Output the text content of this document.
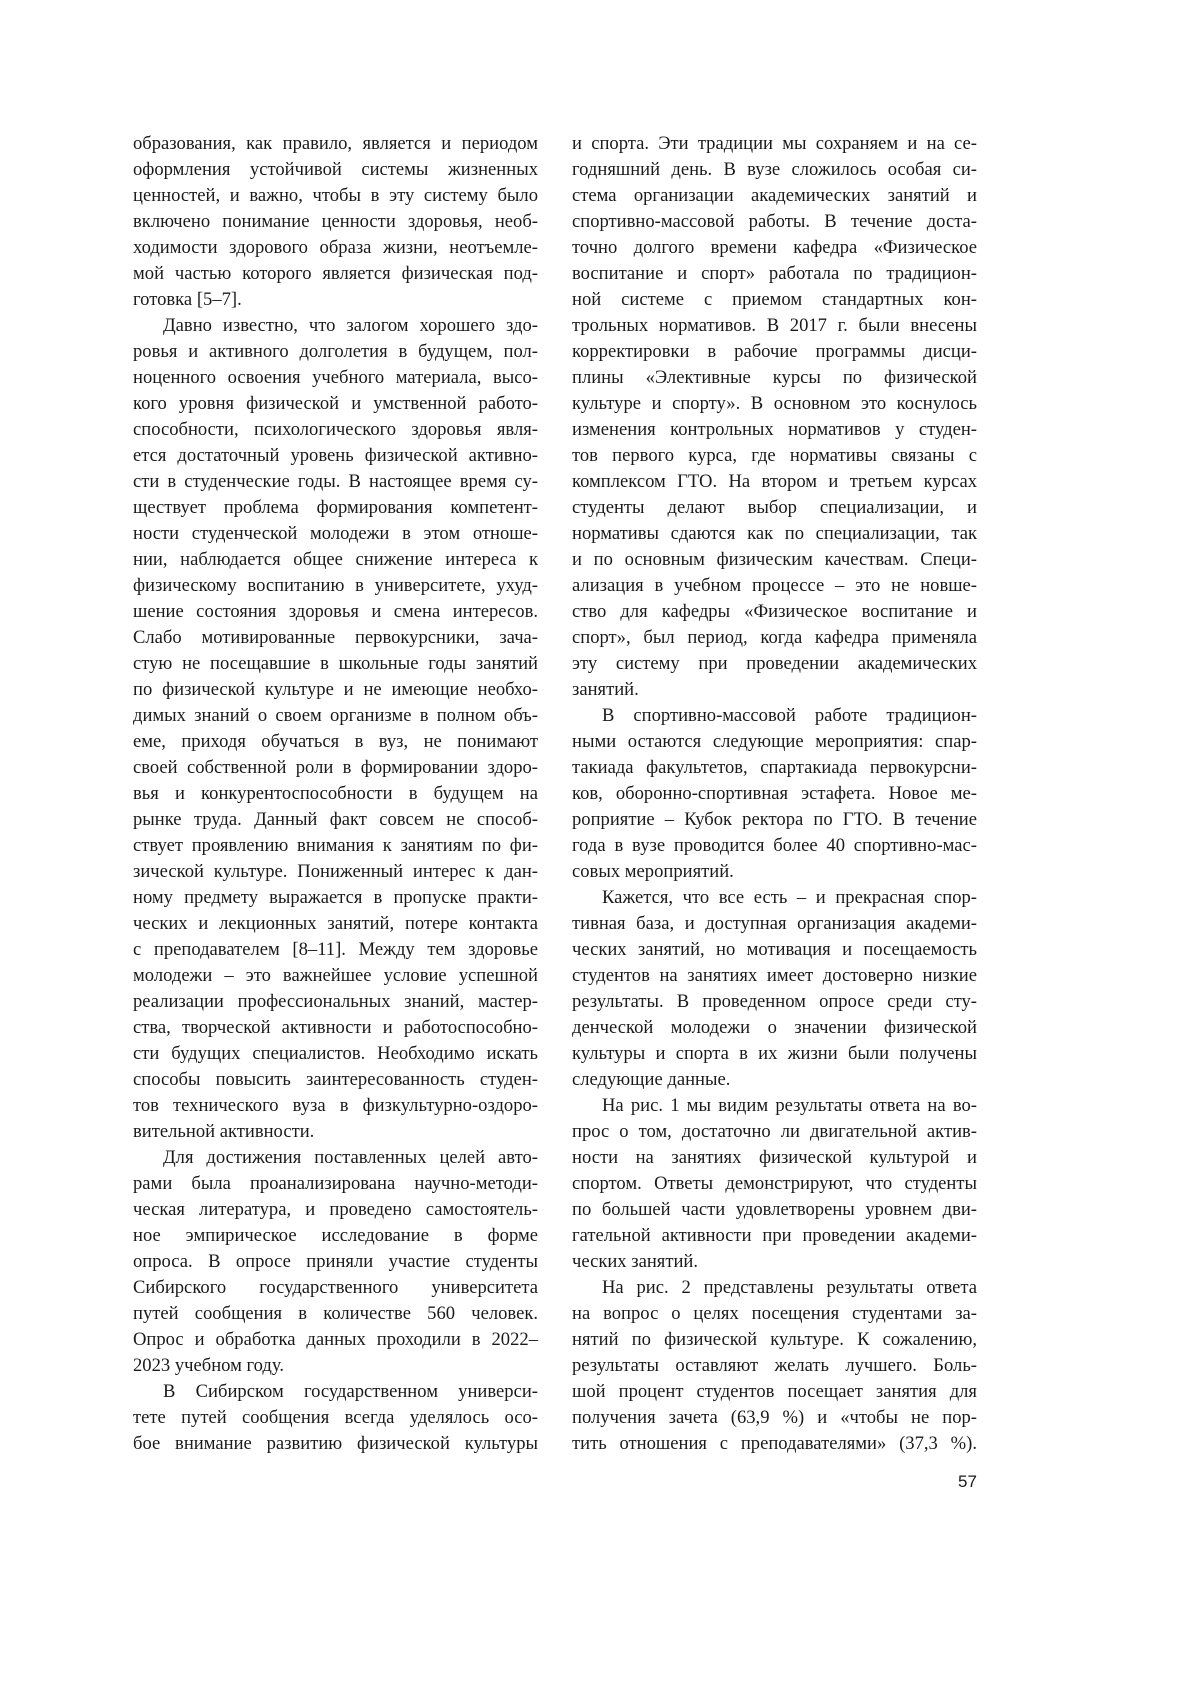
образования, как правило, является и периодом
оформления устойчивой системы жизненных
ценностей, и важно, чтобы в эту систему было
включено понимание ценности здоровья, необ-
ходимости здорового образа жизни, неотъемле-
мой частью которого является физическая под-
готовка [5–7].
Давно известно, что залогом хорошего здо-
ровья и активного долголетия в будущем, пол-
ноценного освоения учебного материала, высо-
кого уровня физической и умственной работо-
способности, психологического здоровья явля-
ется достаточный уровень физической активно-
сти в студенческие годы. В настоящее время су-
ществует проблема формирования компетент-
ности студенческой молодежи в этом отноше-
нии, наблюдается общее снижение интереса к
физическому воспитанию в университете, ухуд-
шение состояния здоровья и смена интересов.
Слабо мотивированные первокурсники, зача-
стую не посещавшие в школьные годы занятий
по физической культуре и не имеющие необхо-
димых знаний о своем организме в полном объ-
еме, приходя обучаться в вуз, не понимают
своей собственной роли в формировании здоро-
вья и конкурентоспособности в будущем на
рынке труда. Данный факт совсем не способ-
ствует проявлению внимания к занятиям по фи-
зической культуре. Пониженный интерес к дан-
ному предмету выражается в пропуске практи-
ческих и лекционных занятий, потере контакта
с преподавателем [8–11]. Между тем здоровье
молодежи – это важнейшее условие успешной
реализации профессиональных знаний, мастер-
ства, творческой активности и работоспособно-
сти будущих специалистов. Необходимо искать
способы повысить заинтересованность студен-
тов технического вуза в физкультурно-оздоро-
вительной активности.
Для достижения поставленных целей авто-
рами была проанализирована научно-методи-
ческая литература, и проведено самостоятель-
ное эмпирическое исследование в форме
опроса. В опросе приняли участие студенты
Сибирского государственного университета
путей сообщения в количестве 560 человек.
Опрос и обработка данных проходили в 2022–
2023 учебном году.
В Сибирском государственном универси-
тете путей сообщения всегда уделялось осо-
бое внимание развитию физической культуры
и спорта. Эти традиции мы сохраняем и на се-
годняшний день. В вузе сложилось особая си-
стема организации академических занятий и
спортивно-массовой работы. В течение доста-
точно долгого времени кафедра «Физическое
воспитание и спорт» работала по традицион-
ной системе с приемом стандартных кон-
трольных нормативов. В 2017 г. были внесены
корректировки в рабочие программы дисци-
плины «Элективные курсы по физической
культуре и спорту». В основном это коснулось
изменения контрольных нормативов у студен-
тов первого курса, где нормативы связаны с
комплексом ГТО. На втором и третьем курсах
студенты делают выбор специализации, и
нормативы сдаются как по специализации, так
и по основным физическим качествам. Специ-
ализация в учебном процессе – это не новше-
ство для кафедры «Физическое воспитание и
спорт», был период, когда кафедра применяла
эту систему при проведении академических
занятий.
В спортивно-массовой работе традицион-
ными остаются следующие мероприятия: спар-
такиада факультетов, спартакиада первокурсни-
ков, оборонно-спортивная эстафета. Новое ме-
роприятие – Кубок ректора по ГТО. В течение
года в вузе проводится более 40 спортивно-мас-
совых мероприятий.
Кажется, что все есть – и прекрасная спор-
тивная база, и доступная организация академи-
ческих занятий, но мотивация и посещаемость
студентов на занятиях имеет достоверно низкие
результаты. В проведенном опросе среди сту-
денческой молодежи о значении физической
культуры и спорта в их жизни были получены
следующие данные.
На рис. 1 мы видим результаты ответа на во-
прос о том, достаточно ли двигательной актив-
ности на занятиях физической культурой и
спортом. Ответы демонстрируют, что студенты
по большей части удовлетворены уровнем дви-
гательной активности при проведении академи-
ческих занятий.
На рис. 2 представлены результаты ответа
на вопрос о целях посещения студентами за-
нятий по физической культуре. К сожалению,
результаты оставляют желать лучшего. Боль-
шой процент студентов посещает занятия для
получения зачета (63,9 %) и «чтобы не пор-
тить отношения с преподавателями» (37,3 %).
57
